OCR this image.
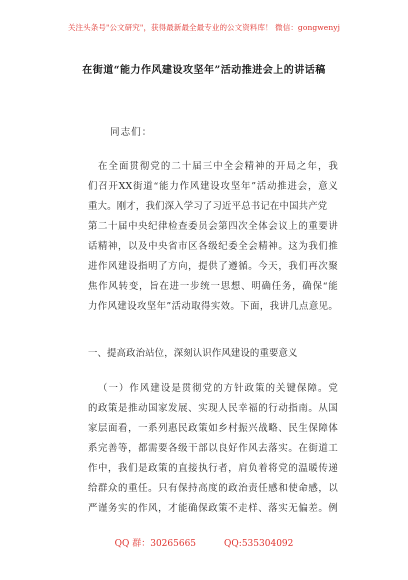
关注头条号"公文研究"，获得最新最全最专业的公文资料库！ 微信：gongwenyj
在街道“能力作风建设攻坚年”活动推进会上的讲话稿
同志们：
在全面贯彻党的二十届三中全会精神的开局之年，我
们召开XX街道“能力作风建设攻坚年”活动推进会，意义
重大。刚才，我们深入学习了习近平总书记在中国共产党
第二十届中央纪律检查委员会第四次全体会议上的重要讲
话精神，以及中央省市区各级纪委全会精神。这为我们推
进作风建设指明了方向，提供了遵循。今天，我们再次聚
焦作风转变，旨在进一步统一思想、明确任务，确保“能
力作风建设攻坚年”活动取得实效。下面，我讲几点意见。
一、提高政治站位，深刻认识作风建设的重要意义
（一）作风建设是贯彻党的方针政策的关键保障。党
的政策是推动国家发展、实现人民幸福的行动指南。从国
家层面看，一系列惠民政策如乡村振兴战略、民生保障体
系完善等，都需要各级干部以良好作风去落实。在街道工
作中，我们是政策的直接执行者，肩负着将党的温暖传递
给群众的重任。只有保持高度的政治责任感和使命感，以
严谨务实的作风，才能确保政策不走样、落实无偏差。例
QQ 群：30265665	QQ:535304092
